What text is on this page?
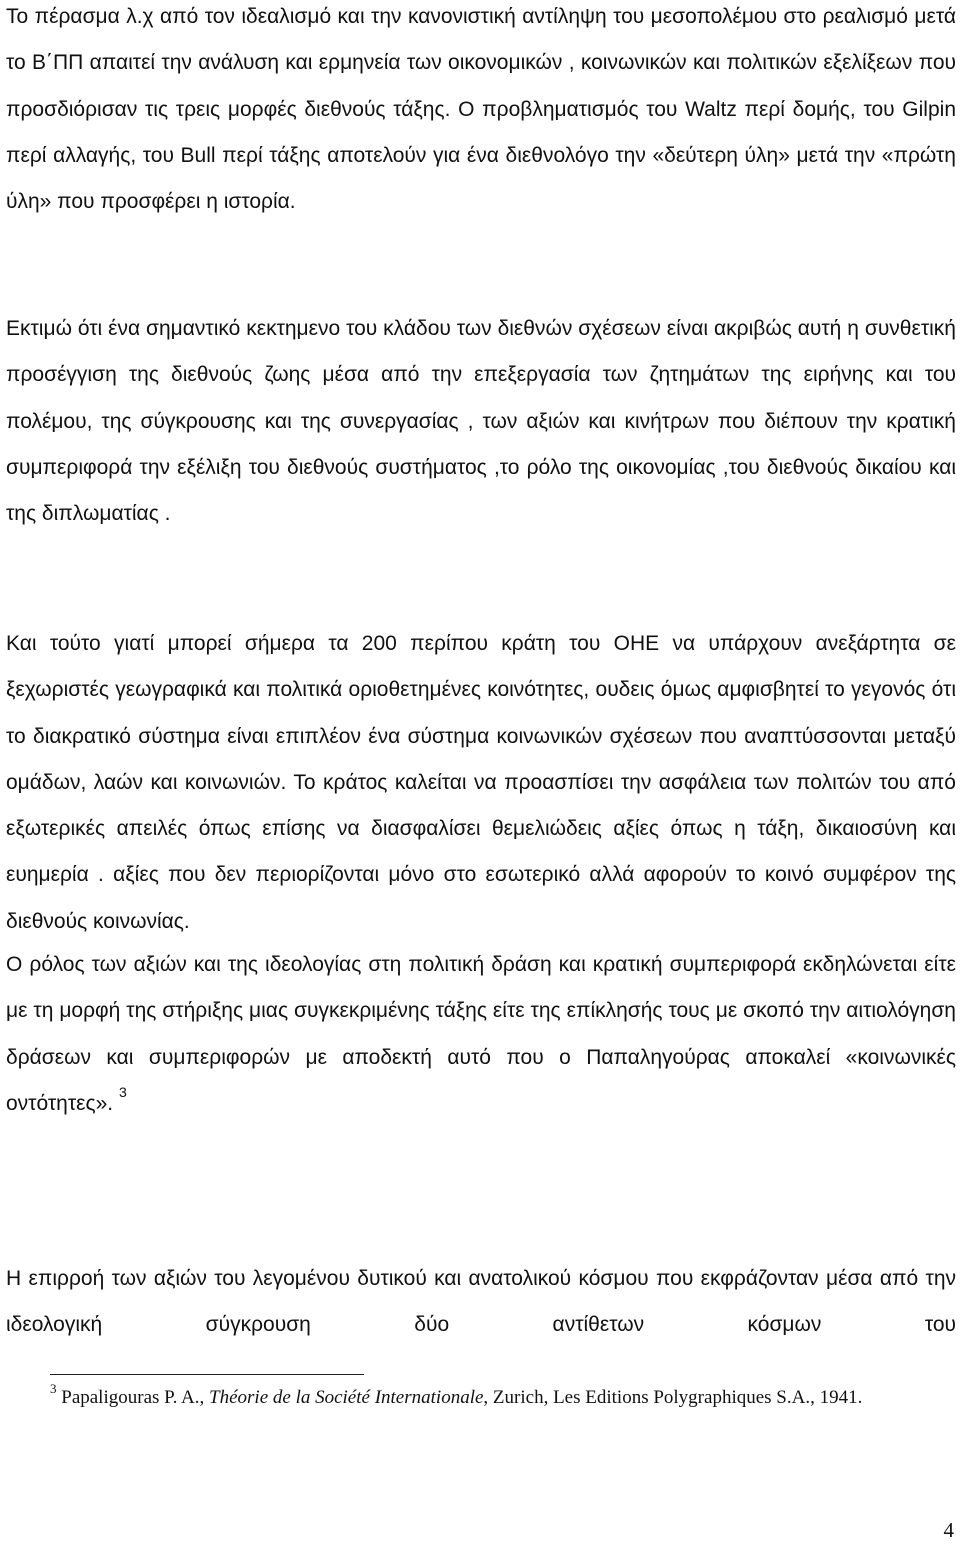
Το πέρασμα λ.χ από τον ιδεαλισμό και την κανονιστική αντίληψη του μεσοπολέμου στο ρεαλισμό μετά το Β΄ΠΠ απαιτεί την ανάλυση και ερμηνεία των οικονομικών , κοινωνικών και πολιτικών εξελίξεων που προσδιόρισαν τις τρεις μορφές διεθνούς τάξης. Ο προβληματισμός του Waltz περί δομής, του Gilpin περί αλλαγής, του Bull περί τάξης αποτελούν για ένα διεθνολόγο την «δεύτερη ύλη» μετά την «πρώτη ύλη» που προσφέρει η ιστορία.

Εκτιμώ ότι ένα σημαντικό κεκτημενο του κλάδου των διεθνών σχέσεων είναι ακριβώς αυτή η συνθετική προσέγγιση της διεθνούς ζωης μέσα από την επεξεργασία των ζητημάτων της ειρήνης και του πολέμου, της σύγκρουσης και της συνεργασίας , των αξιών και κινήτρων που διέπουν την κρατική συμπεριφορά την εξέλιξη του διεθνούς συστήματος ,το ρόλο της οικονομίας ,του διεθνούς δικαίου και της διπλωματίας .

Και τούτο γιατί μπορεί σήμερα τα 200 περίπου κράτη του ΟΗΕ να υπάρχουν ανεξάρτητα σε ξεχωριστές γεωγραφικά και πολιτικά οριοθετημένες κοινότητες, ουδεις όμως αμφισβητεί το γεγονός ότι το διακρατικό σύστημα είναι επιπλέον ένα σύστημα κοινωνικών σχέσεων που αναπτύσσονται μεταξύ ομάδων, λαών και κοινωνιών. Το κράτος καλείται να προασπίσει την ασφάλεια των πολιτών του από εξωτερικές απειλές όπως επίσης να διασφαλίσει θεμελιώδεις αξίες όπως η τάξη, δικαιοσύνη και ευημερία . αξίες που δεν περιορίζονται μόνο στο εσωτερικό αλλά αφορούν το κοινό συμφέρον της διεθνούς κοινωνίας.

Ο ρόλος των αξιών και της ιδεολογίας στη πολιτική δράση και κρατική συμπεριφορά εκδηλώνεται είτε με τη μορφή της στήριξης μιας συγκεκριμένης τάξης είτε της επίκλησής τους με σκοπό την αιτιολόγηση δράσεων και συμπεριφορών με αποδεκτή αυτό που ο Παπαληγούρας αποκαλεί «κοινωνικές οντότητες». $^3$

Η επιρροή των αξιών του λεγομένου δυτικού και ανατολικού κόσμου που εκφράζονταν μέσα από την ιδεολογική σύγκρουση δύο αντίθετων κόσμων του

$^3$ Papaligouras P. A., Théorie de la Société Internationale, Zurich, Les Editions Polygraphiques S.A., 1941.

4
